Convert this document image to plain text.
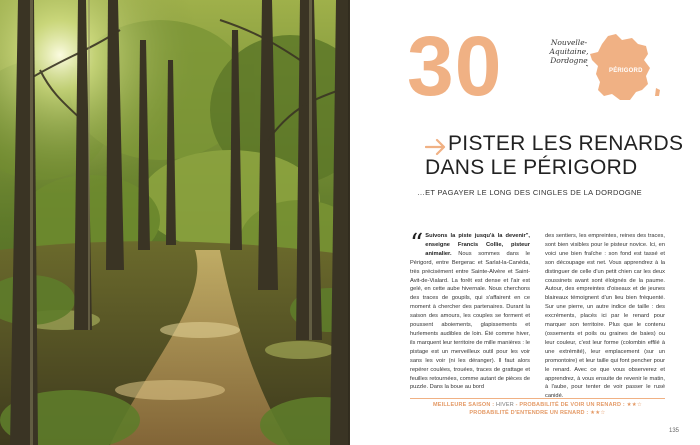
30	Nouvelle-Aquitaine,
Dordogne
PÉRIGORD
PISTER LES RENARDS
DANS LE PÉRIGORD
…ET PAGAYER LE LONG DES CINGLES DE LA DORDOGNE
“ Suivons la piste jusqu'à la devenir", enseigne Francis Collie, pisteur animalier. Nous sommes dans le Périgord, entre Bergerac et Sarlat-la-Canéda, très précisément entre Sainte-Alvère et Saint-Avit-de-Vialard. La forêt est dense et l'air est gelé, en cette aube hivernale. Nous cherchons des traces de goupils, qui s'affairent en ce moment à chercher des partenaires. Durant la saison des amours, les couples se forment et poussent aboiements, glapissements et hurlements audibles de loin. Été comme hiver, ils marquent leur territoire de mille manières : le pistage est un merveilleux outil pour les voir sans les voir (ni les déranger). Il faut alors repérer coulées, trouées, traces de grattage et feuilles retournées, comme autant de pièces de puzzle. Dans la boue au bord
des sentiers, les empreintes, reines des traces, sont bien visibles pour le pisteur novice. Ici, en voici une bien fraîche : son fond est tassé et son découpage est net. Vous apprendrez à la distinguer de celle d'un petit chien car les deux coussinets avant sont éloignés de la paume. Autour, des empreintes d'oiseaux et de jeunes blaireaux témoignent d'un lieu bien fréquenté. Sur une pierre, un autre indice de taille : des excréments, placés ici par le renard pour marquer son territoire. Plus que le contenu (ossements et poils ou graines de baies) ou leur couleur, c'est leur forme (colombin effilé à une extrémité), leur emplacement (sur un promontoire) et leur taille qui font pencher pour le renard. Avec ce que vous observerez et apprendrez, à vous ensuite de revenir le matin, à l'aube, pour tenter de voir passer le rusé canidé.
MEILLEURE SAISON : HIVER - PROBABILITÉ DE VOIR UN RENARD : ★★☆
PROBABILITÉ D'ENTENDRE UN RENARD : ★★☆
135
